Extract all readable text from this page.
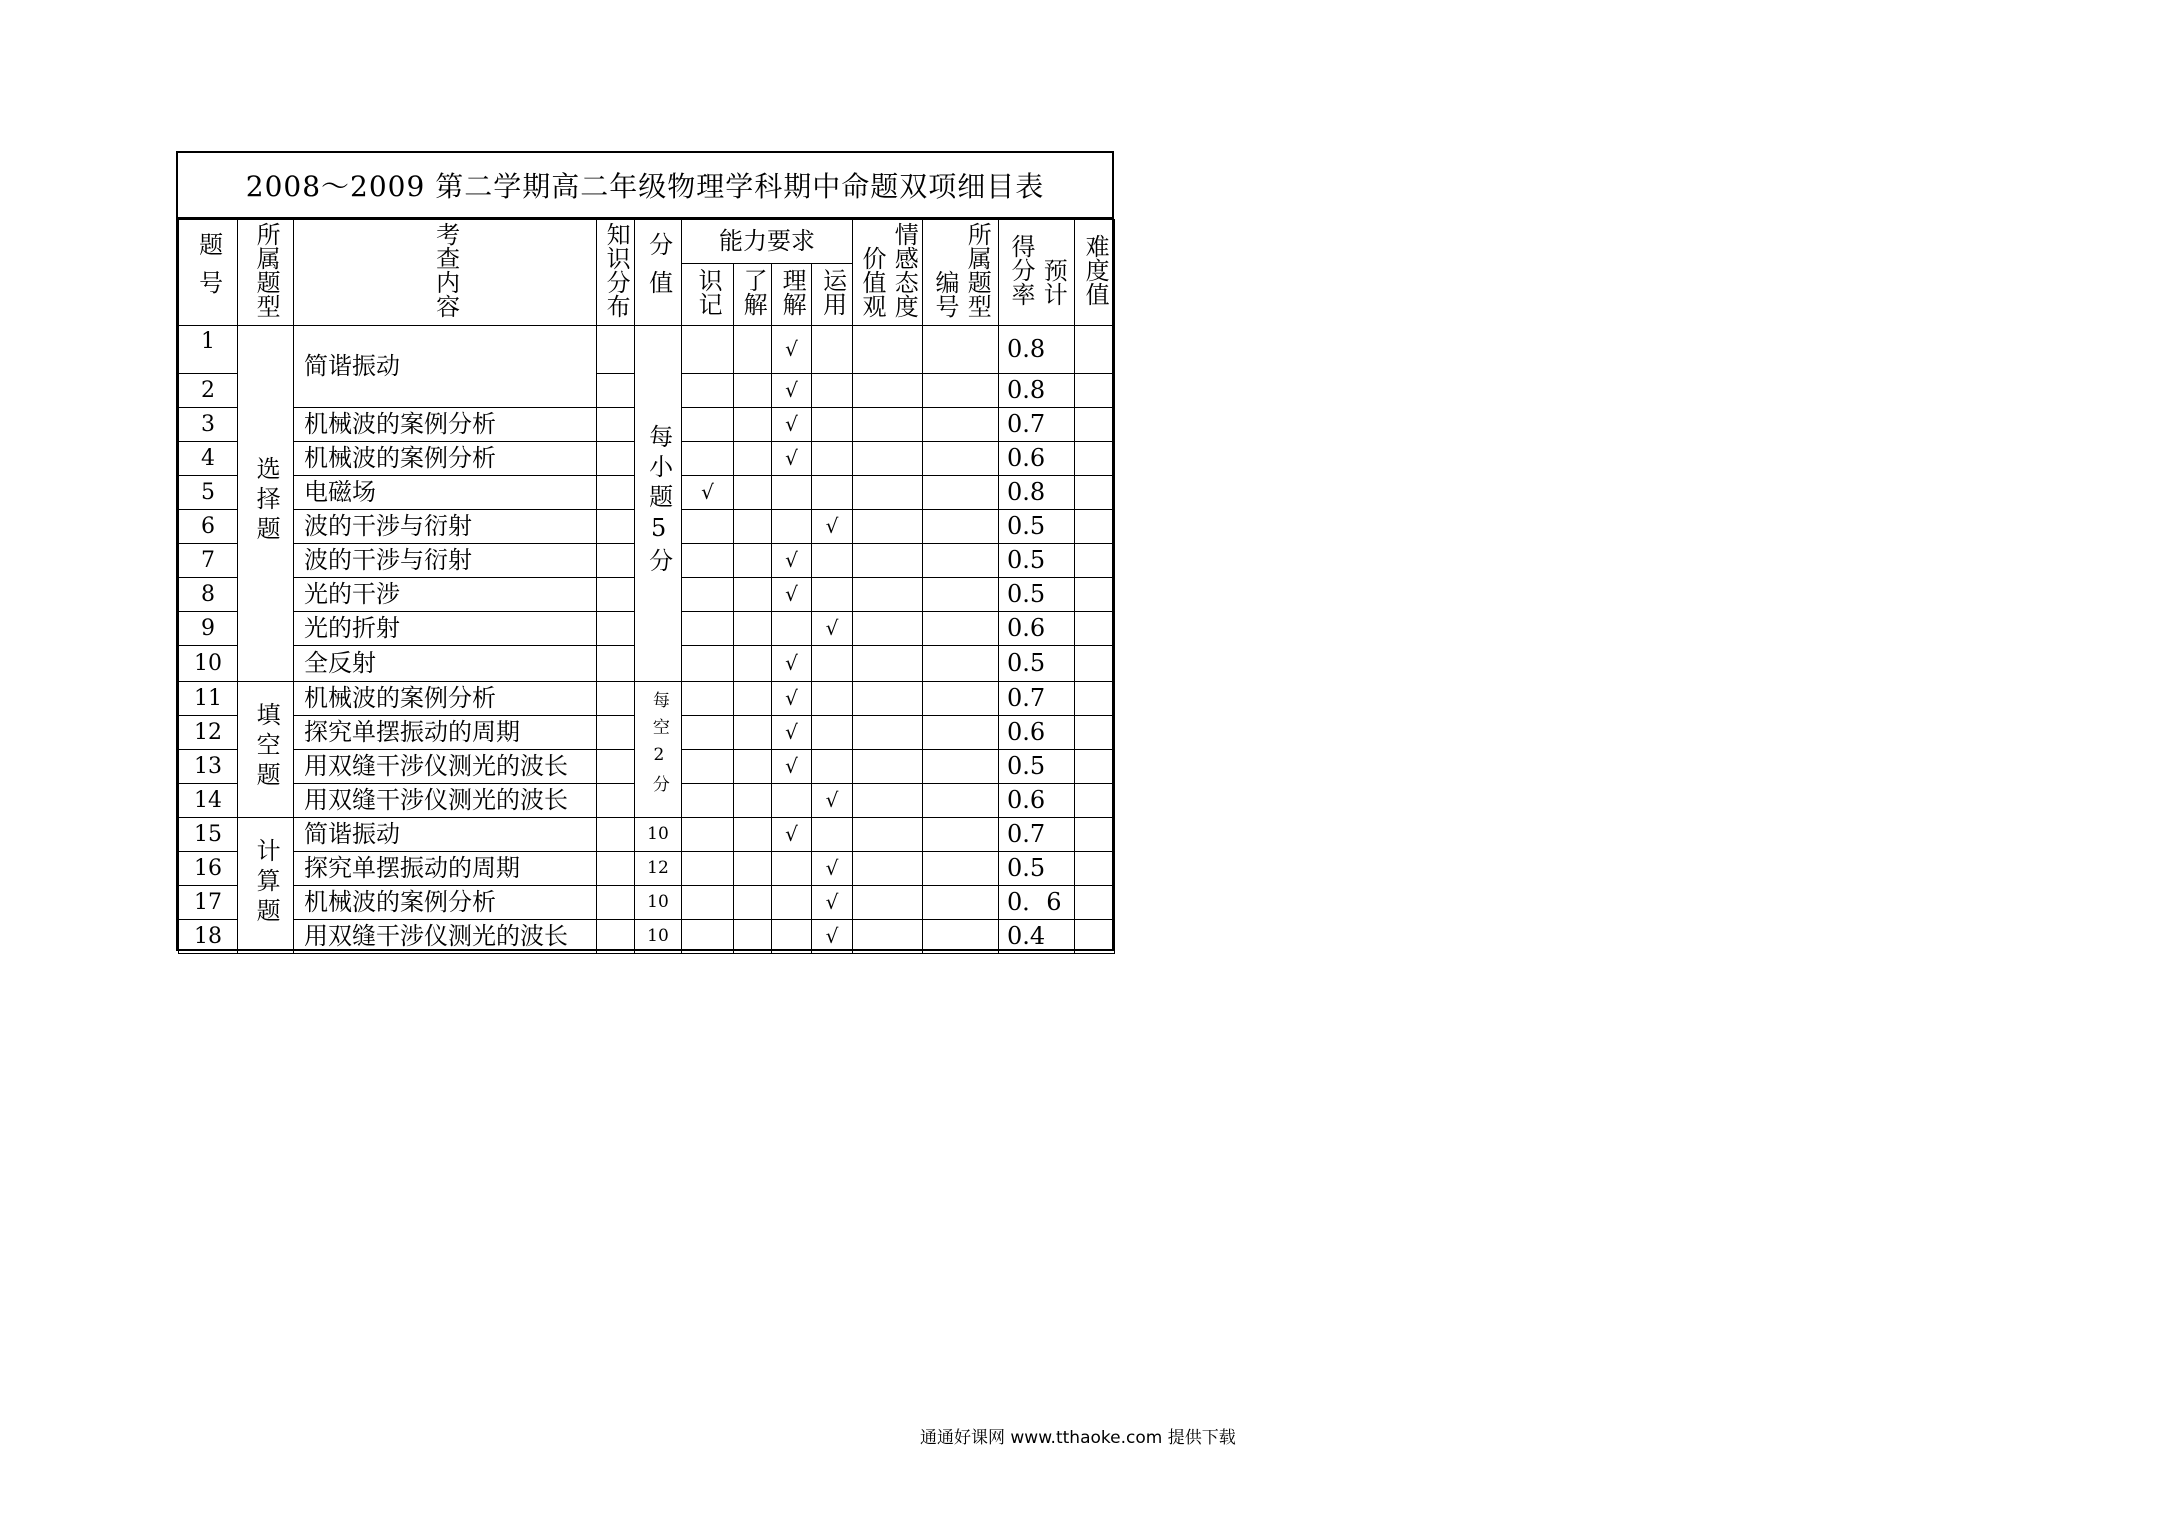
2008～2009 第二学期高二年级物理学科期中命题双项细目表
题号	所属题型	考查内容	知识分布	分值	能力要求				价值观 情感态度	编号 所属题型	得分率 预计	难度值
					识记	了解	理解	运用				
1	选择题	简谐振动		每小题5分			√				0.8	
2							√				0.8	
3		机械波的案例分析					√				0.7	
4		机械波的案例分析					√				0.6	
5		电磁场			√						0.8	
6		波的干涉与衍射						√			0.5	
7		波的干涉与衍射					√				0.5	
8		光的干涉					√				0.5	
9		光的折射						√			0.6	
10		全反射					√				0.5	
11	填空题	机械波的案例分析		每空2分			√				0.7	
12		探究单摆振动的周期					√				0.6	
13		用双缝干涉仪测光的波长					√				0.5	
14		用双缝干涉仪测光的波长						√			0.6	
15	计算题	简谐振动		10			√				0.7	
16		探究单摆振动的周期		12				√			0.5	
17		机械波的案例分析		10				√			0．6	
18		用双缝干涉仪测光的波长		10				√			0.4	
通通好课网 www.tthaoke.com 提供下载
